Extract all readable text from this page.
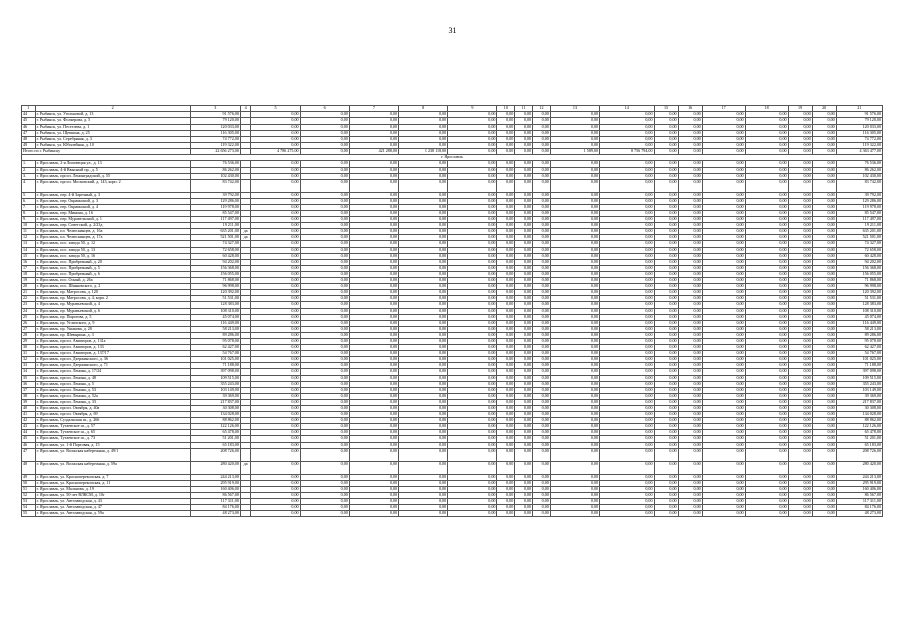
31
1	2	3	4	5	6	7	8	9	10	11	12	13	14	15	16	17	18	19	20	21
44	г. Рыбинск, ул. Угольковой, д. 13	91 576,00		0,00	0,00	0,00	0,00	0,00	0,00	0,00	0,00	0,00	0,00	0,00	0,00	0,00	0,00	0,00	0,00	91 576,00
45	г. Рыбинск, ул. Фолкерова, д. 5	79 120,00		0,00	0,00	0,00	0,00	0,00	0,00	0,00	0,00	0,00	0,00	0,00	0,00	0,00	0,00	0,00	0,00	79 120,00
46	г. Рыбинск, ул. Пестелева, д. 1	120 033,00		0,00	0,00	0,00	0,00	0,00	0,00	0,00	0,00	0,00	0,00	0,00	0,00	0,00	0,00	0,00	0,00	120 033,00
47	г. Рыбинск, ул. Щепкина, д. 25	116 305,00		0,00	0,00	0,00	0,00	0,00	0,00	0,00	0,00	0,00	0,00	0,00	0,00	0,00	0,00	0,00	0,00	116 305,00
48	г. Рыбинск, ул. Серебряная, д. 3	74 772,00		0,00	0,00	0,00	0,00	0,00	0,00	0,00	0,00	0,00	0,00	0,00	0,00	0,00	0,00	0,00	0,00	74 772,00
49	г. Рыбинск, ул. Юбилейная, д. 10	119 322,00		0,00	0,00	0,00	0,00	0,00	0,00	0,00	0,00	0,00	0,00	0,00	0,00	0,00	0,00	0,00	0,00	119 322,00
Итого по г. Рыбинску		22 656 273,00		4 786 275,00	0,00	421 288,00	1 238 118,00	0,00	0,00	0,00	0,00	1 589,00	8 756 794,00	0,00	0,00	0,00	0,00	0,00	0,00	4 363 477,00
г. Ярославль																				
1.	г. Ярославль, 2-я Липовецая ул., д. 13	76 536,00		0,00	0,00	0,00	0,00	0,00	0,00	0,00	0,00	0,00	0,00	0,00	0,00	0,00	0,00	0,00	0,00	76 536,00
2.	г. Ярославль, 4-й Ввысный пр., д. 5	86 262,00		0,00	0,00	0,00	0,00	0,00	0,00	0,00	0,00	0,00	0,00	0,00	0,00	0,00	0,00	0,00	0,00	86 262,00
3.	г. Ярославль, просп. Ленинградский, д. 55	102 430,00		0,00	0,00	0,00	0,00	0,00	0,00	0,00	0,00	0,00	0,00	0,00	0,00	0,00	0,00	0,00	0,00	102 430,00
4.	г. Ярославль, просп. Московский, д. 143, корп. 2	83 742,00		0,00	0,00	0,00	0,00	0,00	0,00	0,00	0,00	0,00	0,00	0,00	0,00	0,00	0,00	0,00	0,00	83 742,00
5.	г. Ярославль, пер. 4-й Заречный, д. 3	39 792,00		0,00	0,00	0,00	0,00	0,00	0,00	0,00	0,00	0,00	0,00	0,00	0,00	0,00	0,00	0,00	0,00	39 792,00
6.	г. Ярославль, пер. Окраинский, д. 3	129 286,00		0,00	0,00	0,00	0,00	0,00	0,00	0,00	0,00	0,00	0,00	0,00	0,00	0,00	0,00	0,00	0,00	129 286,00
7.	г. Ярославль, пер. Окраинский, д. 4	119 978,00		0,00	0,00	0,00	0,00	0,00	0,00	0,00	0,00	0,00	0,00	0,00	0,00	0,00	0,00	0,00	0,00	119 978,00
8.	г. Ярославль, пер. Минина, д. 16	85 547,00		0,00	0,00	0,00	0,00	0,00	0,00	0,00	0,00	0,00	0,00	0,00	0,00	0,00	0,00	0,00	0,00	85 547,00
9.	г. Ярославль, пер. Муравельский, д. 1	117 497,00		0,00	0,00	0,00	0,00	0,00	0,00	0,00	0,00	0,00	0,00	0,00	0,00	0,00	0,00	0,00	0,00	117 497,00
10	г. Ярославль, пер. Советский, д. 2/23д	19 211,00		0,00	0,00	0,00	0,00	0,00	0,00	0,00	0,00	0,00	0,00	0,00	0,00	0,00	0,00	0,00	0,00	19 211,00
11	г. Ярославль, пл. Челюскинцев, д. 16а	635 201,00	да	0,00	0,00	0,00	0,00	0,00	0,00	0,00	0,00	0,00	0,00	0,00	0,00	0,00	0,00	0,00	0,00	635 201,00
12	г. Ярославль, пл. Челюскинцев, д. 17а	521 501,00	да	0,00	0,00	0,00	0,00	0,00	0,00	0,00	0,00	0,00	0,00	0,00	0,00	0,00	0,00	0,00	0,00	521 501,00
13	г. Ярославль, пос. завода 50, д. 12	74 327,00		0,00	0,00	0,00	0,00	0,00	0,00	0,00	0,00	0,00	0,00	0,00	0,00	0,00	0,00	0,00	0,00	74 327,00
14	г. Ярославль, пос. завода 50, д. 13	72 658,00		0,00	0,00	0,00	0,00	0,00	0,00	0,00	0,00	0,00	0,00	0,00	0,00	0,00	0,00	0,00	0,00	72 658,00
15	г. Ярославль, пос. завода 50, д. 16	60 428,00		0,00	0,00	0,00	0,00	0,00	0,00	0,00	0,00	0,00	0,00	0,00	0,00	0,00	0,00	0,00	0,00	60 428,00
16	г. Ярославль, пос. Прибрежный, д. 20	94 202,00		0,00	0,00	0,00	0,00	0,00	0,00	0,00	0,00	0,00	0,00	0,00	0,00	0,00	0,00	0,00	0,00	94 202,00
17	г. Ярославль, пос. Прибрежный, д. 5	156 368,00		0,00	0,00	0,00	0,00	0,00	0,00	0,00	0,00	0,00	0,00	0,00	0,00	0,00	0,00	0,00	0,00	156 368,00
18	г. Ярославль, пос. Прибрежный, д. 6	156 055,00		0,00	0,00	0,00	0,00	0,00	0,00	0,00	0,00	0,00	0,00	0,00	0,00	0,00	0,00	0,00	0,00	156 055,00
19	г. Ярославль, пос. Осный, д. 26а	71 868,00		0,00	0,00	0,00	0,00	0,00	0,00	0,00	0,00	0,00	0,00	0,00	0,00	0,00	0,00	0,00	0,00	71 868,00
20	г. Ярославль, пос. Шинковского, д. 2	96 998,00		0,00	0,00	0,00	0,00	0,00	0,00	0,00	0,00	0,00	0,00	0,00	0,00	0,00	0,00	0,00	0,00	96 998,00
21	г. Ярославль, пр. Матросова, д. 120	120 392,00		0,00	0,00	0,00	0,00	0,00	0,00	0,00	0,00	0,00	0,00	0,00	0,00	0,00	0,00	0,00	0,00	120 392,00
22	г. Ярославль, пр. Матросова, д. 4, корп. 2	51 531,00		0,00	0,00	0,00	0,00	0,00	0,00	0,00	0,00	0,00	0,00	0,00	0,00	0,00	0,00	0,00	0,00	51 531,00
23	г. Ярославль, пр. Муравьевский, д. 4	128 383,00		0,00	0,00	0,00	0,00	0,00	0,00	0,00	0,00	0,00	0,00	0,00	0,00	0,00	0,00	0,00	0,00	128 383,00
24	г. Ярославль, пр. Муравьевский, д. 6	108 310,00		0,00	0,00	0,00	0,00	0,00	0,00	0,00	0,00	0,00	0,00	0,00	0,00	0,00	0,00	0,00	0,00	108 310,00
25	г. Ярославль, пр. Пирогова, д. 5	45 074,00		0,00	0,00	0,00	0,00	0,00	0,00	0,00	0,00	0,00	0,00	0,00	0,00	0,00	0,00	0,00	0,00	45 074,00
26	г. Ярославль, пр. Угличского, д. 9	116 449,00		0,00	0,00	0,00	0,00	0,00	0,00	0,00	0,00	0,00	0,00	0,00	0,00	0,00	0,00	0,00	0,00	116 449,00
27	г. Ярославль, пр. Ушакова, д. 20	58 213,00		0,00	0,00	0,00	0,00	0,00	0,00	0,00	0,00	0,00	0,00	0,00	0,00	0,00	0,00	0,00	0,00	58 213,00
28	г. Ярославль, пр. Шевырина, д. 3	89 286,00		0,00	0,00	0,00	0,00	0,00	0,00	0,00	0,00	0,00	0,00	0,00	0,00	0,00	0,00	0,00	0,00	89 286,00
29	г. Ярославль, просп. Авиаторов, д. 131а	95 078,00		0,00	0,00	0,00	0,00	0,00	0,00	0,00	0,00	0,00	0,00	0,00	0,00	0,00	0,00	0,00	0,00	95 078,00
30	г. Ярославль, просп. Авиаторов, д. 133	62 427,00		0,00	0,00	0,00	0,00	0,00	0,00	0,00	0,00	0,00	0,00	0,00	0,00	0,00	0,00	0,00	0,00	62 427,00
31	г. Ярославль, просп. Авиаторов, д. 137/17	54 767,00		0,00	0,00	0,00	0,00	0,00	0,00	0,00	0,00	0,00	0,00	0,00	0,00	0,00	0,00	0,00	0,00	54 767,00
32	г. Ярославль, просп. Дзержинского, д. 36	101 025,00		0,00	0,00	0,00	0,00	0,00	0,00	0,00	0,00	0,00	0,00	0,00	0,00	0,00	0,00	0,00	0,00	101 025,00
33	г. Ярославль, просп. Дзержинского, д. 71	71 188,00		0,00	0,00	0,00	0,00	0,00	0,00	0,00	0,00	0,00	0,00	0,00	0,00	0,00	0,00	0,00	0,00	71 188,00
34	г. Ярославль, просп. Ленина, д. 17/24	397 098,00		0,00	0,00	0,00	0,00	0,00	0,00	0,00	0,00	0,00	0,00	0,00	0,00	0,00	0,00	0,00	0,00	397 098,00
35	г. Ярославль, просп. Ленина, д. 48	109 515,00		0,00	0,00	0,00	0,00	0,00	0,00	0,00	0,00	0,00	0,00	0,00	0,00	0,00	0,00	0,00	0,00	109 515,00
36	г. Ярославль, просп. Ленина, д. 5	355 243,00		0,00	0,00	0,00	0,00	0,00	0,00	0,00	0,00	0,00	0,00	0,00	0,00	0,00	0,00	0,00	0,00	355 243,00
37	г. Ярославль, просп. Ленина, д. 53	103 149,00		0,00	0,00	0,00	0,00	0,00	0,00	0,00	0,00	0,00	0,00	0,00	0,00	0,00	0,00	0,00	0,00	103 149,00
38	г. Ярославль, просп. Ленина, д. 52а	39 369,00		0,00	0,00	0,00	0,00	0,00	0,00	0,00	0,00	0,00	0,00	0,00	0,00	0,00	0,00	0,00	0,00	39 369,00
39	г. Ярославль, просп. Ленина, д. 33	217 837,00		0,00	0,00	0,00	0,00	0,00	0,00	0,00	0,00	0,00	0,00	0,00	0,00	0,00	0,00	0,00	0,00	217 837,00
40	г. Ярославль, просп. Октября, д. 40а	30 308,00		0,00	0,00	0,00	0,00	0,00	0,00	0,00	0,00	0,00	0,00	0,00	0,00	0,00	0,00	0,00	0,00	30 308,00
41	г. Ярославль, просп. Октября, д. 69	134 028,00		0,00	0,00	0,00	0,00	0,00	0,00	0,00	0,00	0,00	0,00	0,00	0,00	0,00	0,00	0,00	0,00	134 028,00
42	г. Ярославль, Суздальская ш., д. 266	88 862,00		0,00	0,00	0,00	0,00	0,00	0,00	0,00	0,00	0,00	0,00	0,00	0,00	0,00	0,00	0,00	0,00	88 862,00
43	г. Ярославль, Тутаевское ш., д. 57	122 126,00		0,00	0,00	0,00	0,00	0,00	0,00	0,00	0,00	0,00	0,00	0,00	0,00	0,00	0,00	0,00	0,00	122 126,00
44	г. Ярославль, Тутаевское ш., д. 65	65 478,00		0,00	0,00	0,00	0,00	0,00	0,00	0,00	0,00	0,00	0,00	0,00	0,00	0,00	0,00	0,00	0,00	65 478,00
45	г. Ярославль, Тутаевское ш., д. 73	51 201,00		0,00	0,00	0,00	0,00	0,00	0,00	0,00	0,00	0,00	0,00	0,00	0,00	0,00	0,00	0,00	0,00	51 201,00
46	г. Ярославль, ул. 1-й Портовая, д. 15	65 183,00		0,00	0,00	0,00	0,00	0,00	0,00	0,00	0,00	0,00	0,00	0,00	0,00	0,00	0,00	0,00	0,00	65 183,00
47	г. Ярославль, ул. Волжская набережная, д. 49/1	208 726,00		0,00	0,00	0,00	0,00	0,00	0,00	0,00	0,00	0,00	0,00	0,00	0,00	0,00	0,00	0,00	0,00	208 726,00
48	г. Ярославль, ул. Волжская набережная, д. 59а	280 420,00	да	0,00	0,00	0,00	0,00	0,00	0,00	0,00	0,00	0,00	0,00	0,00	0,00	0,00	0,00	0,00	0,00	280 420,00
49	г. Ярославль, ул. Красноперекопская, д. 7	244 213,00		0,00	0,00	0,00	0,00	0,00	0,00	0,00	0,00	0,00	0,00	0,00	0,00	0,00	0,00	0,00	0,00	244 213,00
50	г. Ярославль, ул. Красноперекопская, д. 11	295 919,00		0,00	0,00	0,00	0,00	0,00	0,00	0,00	0,00	0,00	0,00	0,00	0,00	0,00	0,00	0,00	0,00	295 919,00
51	г. Ярославль, ул. Маланова, д. 19	160 406,00		0,00	0,00	0,00	0,00	0,00	0,00	0,00	0,00	0,00	0,00	0,00	0,00	0,00	0,00	0,00	0,00	160 406,00
52	г. Ярославль, ул. 50-лет ВЛКСМ, д. 10г	86 567,00		0,00	0,00	0,00	0,00	0,00	0,00	0,00	0,00	0,00	0,00	0,00	0,00	0,00	0,00	0,00	0,00	86 567,00
53	г. Ярославль, ул. Автозаводская, д. 43	117 311,00		0,00	0,00	0,00	0,00	0,00	0,00	0,00	0,00	0,00	0,00	0,00	0,00	0,00	0,00	0,00	0,00	117 311,00
54	г. Ярославль, ул. Автозаводская, д. 47	84 176,00		0,00	0,00	0,00	0,00	0,00	0,00	0,00	0,00	0,00	0,00	0,00	0,00	0,00	0,00	0,00	0,00	84 176,00
55	г. Ярославль, ул. Автозаводская, д. 59а	48 273,00		0,00	0,00	0,00	0,00	0,00	0,00	0,00	0,00	0,00	0,00	0,00	0,00	0,00	0,00	0,00	0,00	48 273,00
